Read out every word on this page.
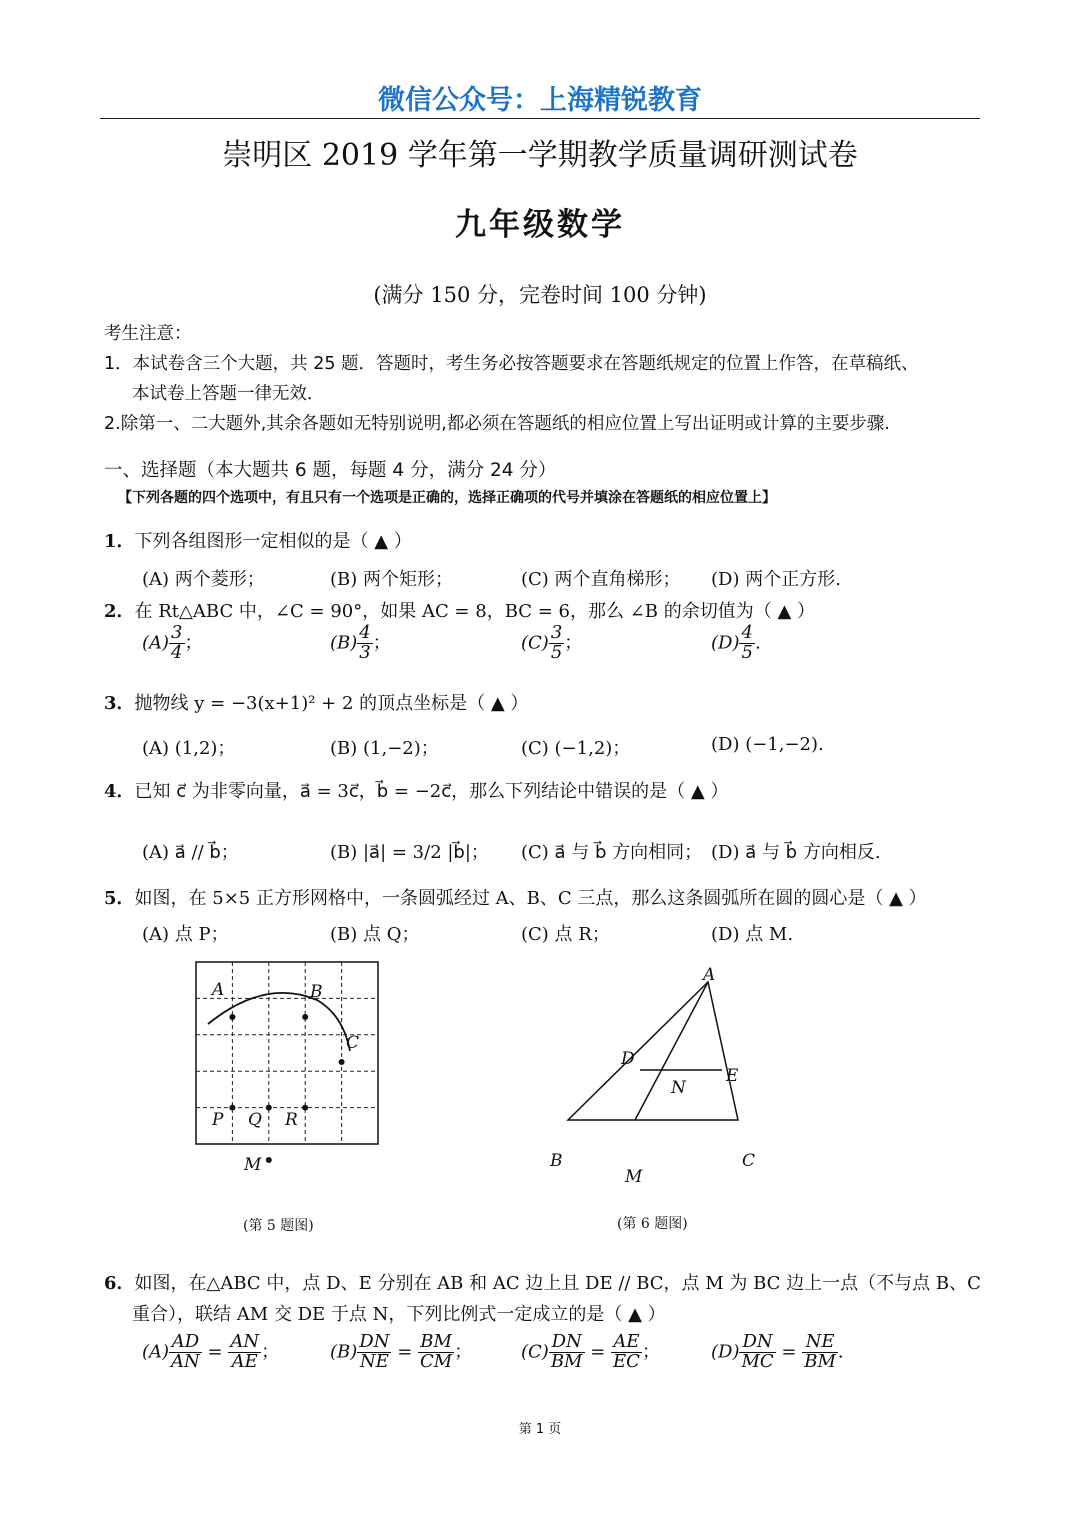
微信公众号：上海精锐教育
崇明区 2019 学年第一学期教学质量调研测试卷
九年级数学
(满分 150 分，完卷时间 100 分钟)
考生注意：
1．本试卷含三个大题，共 25 题．答题时，考生务必按答题要求在答题纸规定的位置上作答，在草稿纸、
本试卷上答题一律无效．
2.除第一、二大题外,其余各题如无特别说明,都必须在答题纸的相应位置上写出证明或计算的主要步骤.
一、选择题（本大题共 6 题，每题 4 分，满分 24 分）
【下列各题的四个选项中，有且只有一个选项是正确的，选择正确项的代号并填涂在答题纸的相应位置上】
1．下列各组图形一定相似的是（ ▲ ）
(A) 两个菱形；	(B) 两个矩形；	(C) 两个直角梯形； (D) 两个正方形.
2．在 Rt△ABC 中，∠C = 90°，如果 AC = 8，BC = 6，那么 ∠B 的余切值为（ ▲ ）
$(A) \frac{3}{4}$ ；	$(B) \frac{4}{3}$ ；	$(C) \frac{3}{5}$ ；	$(D) \frac{4}{5}$ .
3．抛物线 y = −3(x+1)² + 2 的顶点坐标是（ ▲ ）
(A) (1,2)；	(B) (1,−2)；	(C) (−1,2)；	(D) (−1,−2).
4．已知 c⃗ 为非零向量，a⃗ = 3c⃗，b⃗ = −2c⃗，那么下列结论中错误的是（ ▲ ）
(A) a⃗ // b⃗；	(B) |a⃗| = 3/2 |b⃗|； (C) a⃗ 与 b⃗ 方向相同； (D) a⃗ 与 b⃗ 方向相反.
5．如图，在 5×5 正方形网格中，一条圆弧经过 A、B、C 三点，那么这条圆弧所在圆的圆心是（ ▲ ）
(A) 点 P；	(B) 点 Q；	(C) 点 R；	(D) 点 M.
A	B
C
P Q R
M
(第 5 题图)
A
D
E
N
B	C
M
(第 6 题图)
6．如图，在△ABC 中，点 D、E 分别在 AB 和 AC 边上且 DE // BC，点 M 为 BC 边上一点（不与点 B、C
重合），联结 AM 交 DE 于点 N，下列比例式一定成立的是（ ▲ ）
$(A) \frac{AD}{AN} = \frac{AN}{AE}$ ；	$(B) \frac{DN}{NE} = \frac{BM}{CM}$ ；	$(C) \frac{DN}{BM} = \frac{AE}{EC}$ ；	$(D) \frac{DN}{MC} = \frac{NE}{BM}$ .
第 1 页
